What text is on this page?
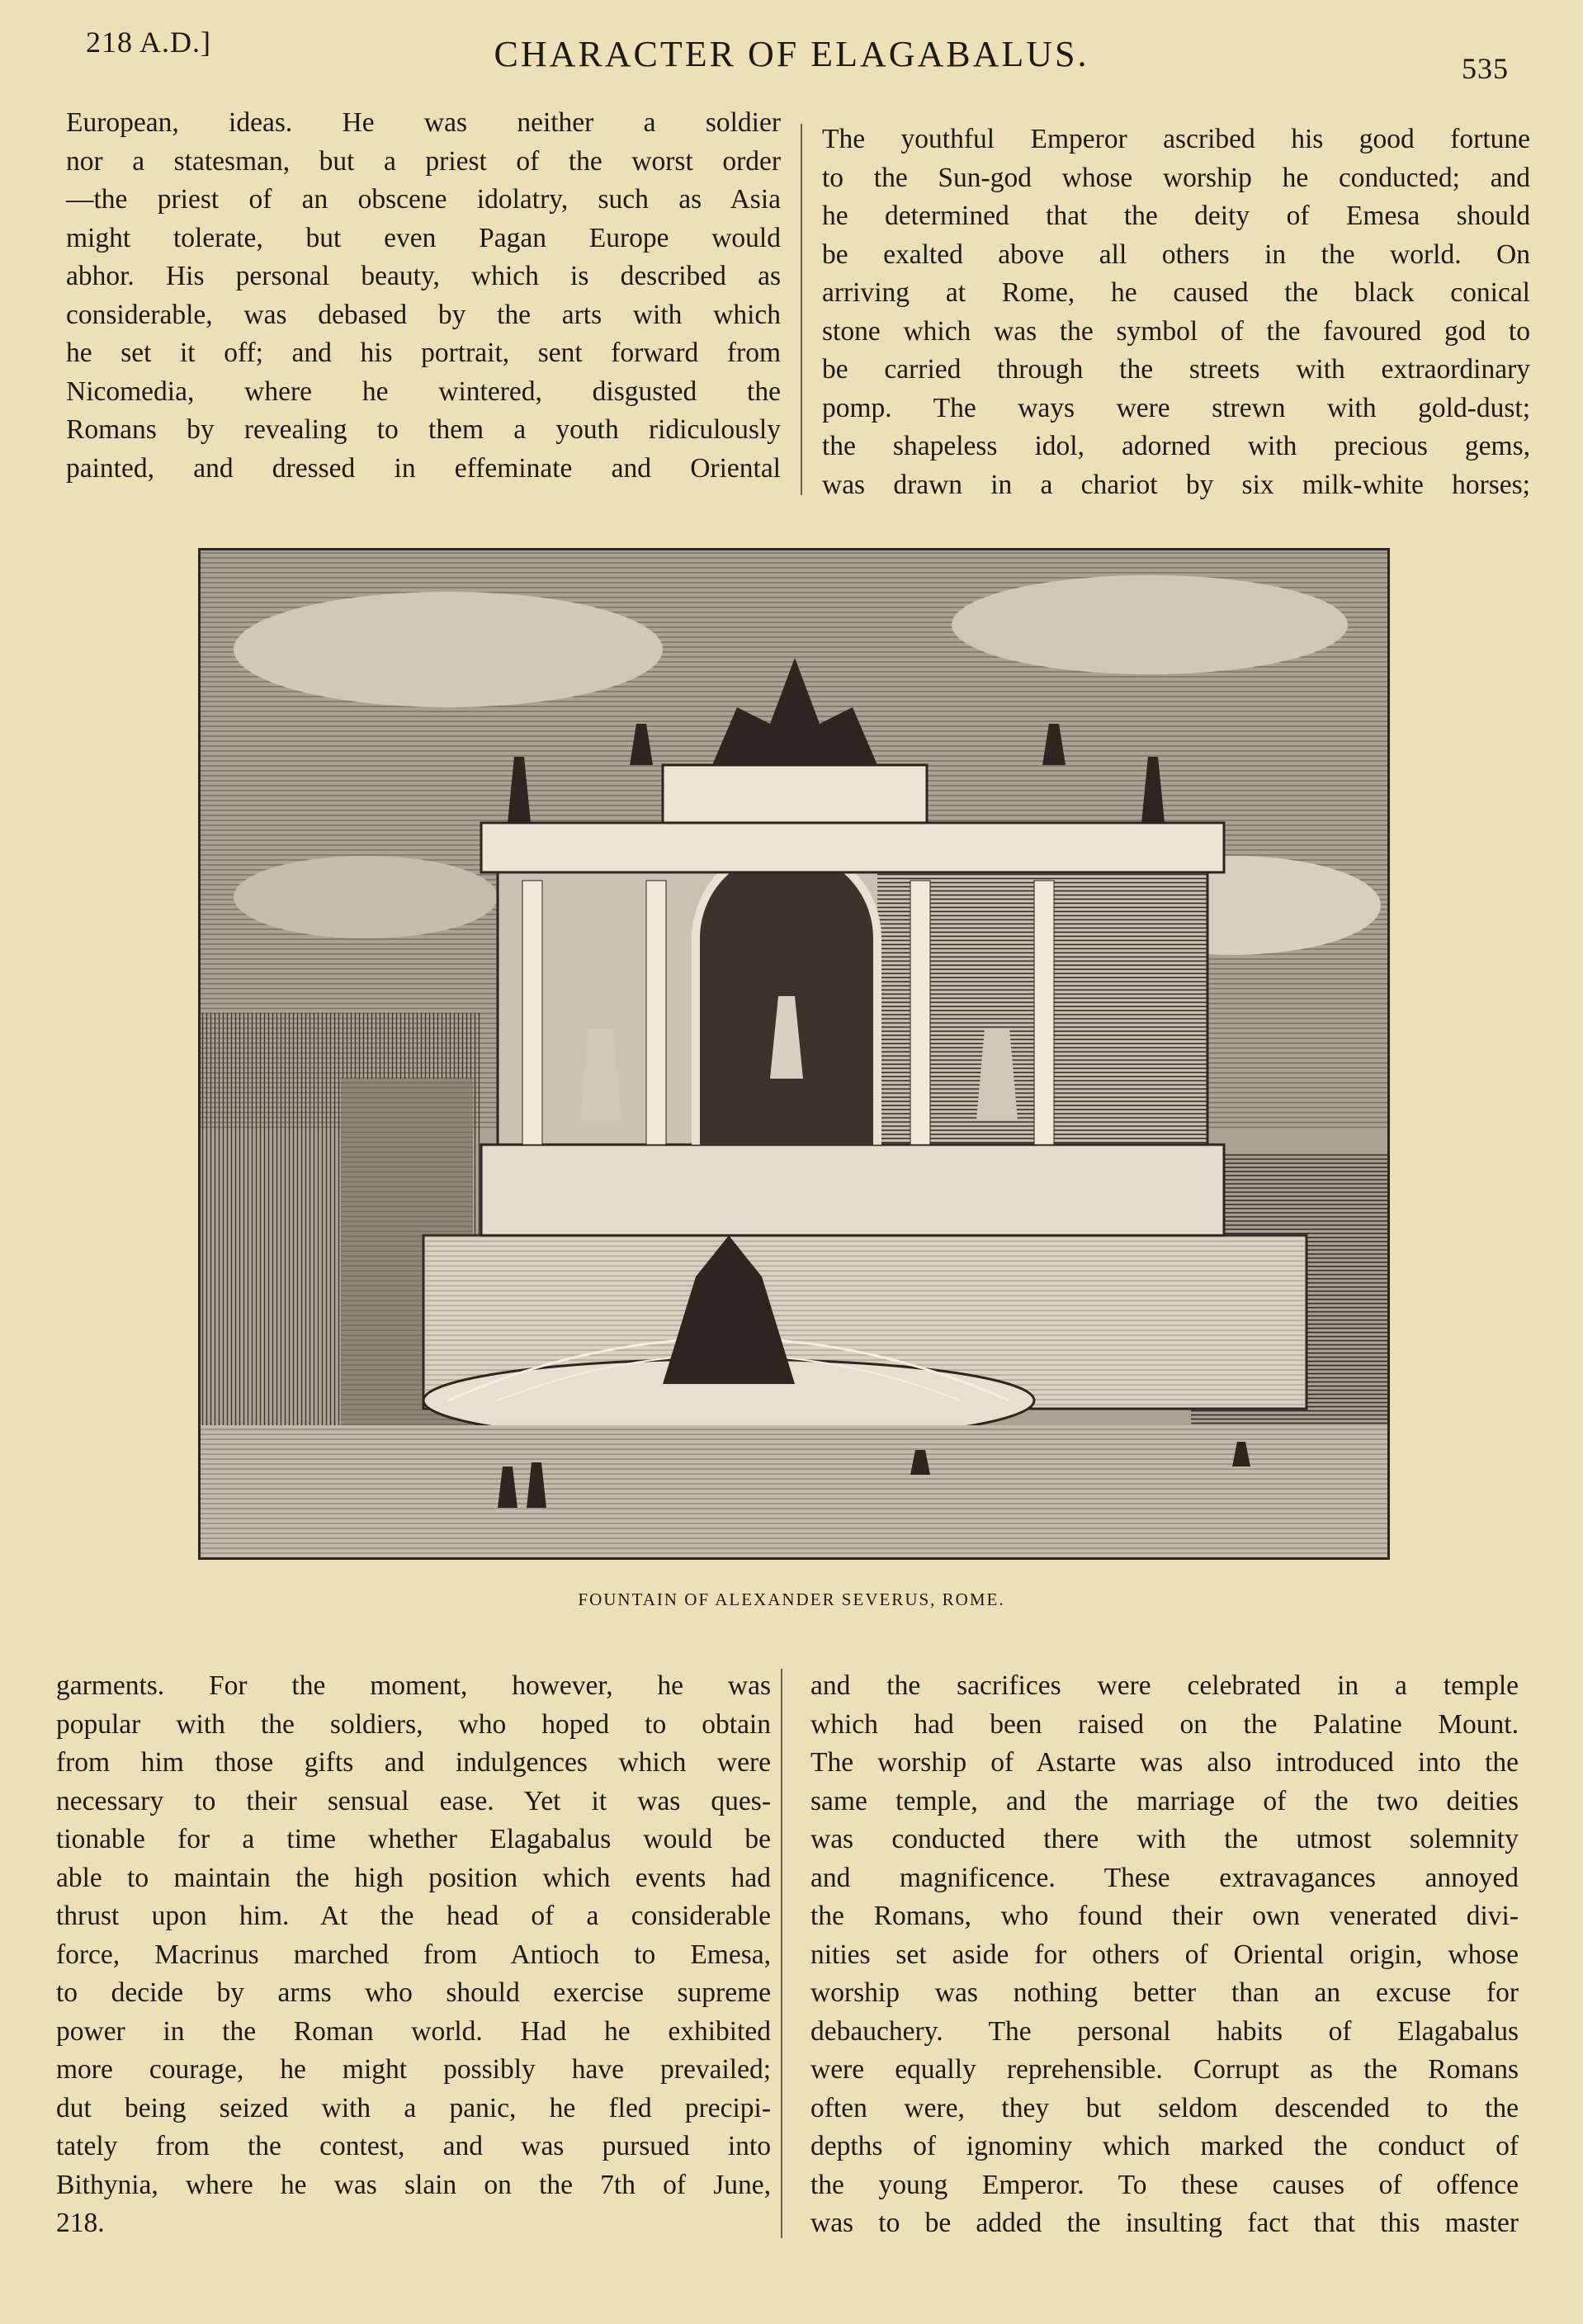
218 A.D.]	CHARACTER OF ELAGABALUS.	535
European, ideas. He was neither a soldier
nor a statesman, but a priest of the worst order
—the priest of an obscene idolatry, such as Asia
might tolerate, but even Pagan Europe would
abhor. His personal beauty, which is described as
considerable, was debased by the arts with which
he set it off; and his portrait, sent forward from
Nicomedia, where he wintered, disgusted the
Romans by revealing to them a youth ridiculously
painted, and dressed in effeminate and Oriental
The youthful Emperor ascribed his good fortune
to the Sun-god whose worship he conducted; and
he determined that the deity of Emesa should
be exalted above all others in the world. On
arriving at Rome, he caused the black conical
stone which was the symbol of the favoured god to
be carried through the streets with extraordinary
pomp. The ways were strewn with gold-dust;
the shapeless idol, adorned with precious gems,
was drawn in a chariot by six milk-white horses;
FOUNTAIN OF ALEXANDER SEVERUS, ROME.
garments. For the moment, however, he was
popular with the soldiers, who hoped to obtain
from him those gifts and indulgences which were
necessary to their sensual ease. Yet it was ques-
tionable for a time whether Elagabalus would be
able to maintain the high position which events had
thrust upon him. At the head of a considerable
force, Macrinus marched from Antioch to Emesa,
to decide by arms who should exercise supreme
power in the Roman world. Had he exhibited
more courage, he might possibly have prevailed;
dut being seized with a panic, he fled precipi-
tately from the contest, and was pursued into
Bithynia, where he was slain on the 7th of June,
218.
and the sacrifices were celebrated in a temple
which had been raised on the Palatine Mount.
The worship of Astarte was also introduced into the
same temple, and the marriage of the two deities
was conducted there with the utmost solemnity
and magnificence. These extravagances annoyed
the Romans, who found their own venerated divi-
nities set aside for others of Oriental origin, whose
worship was nothing better than an excuse for
debauchery. The personal habits of Elagabalus
were equally reprehensible. Corrupt as the Romans
often were, they but seldom descended to the
depths of ignominy which marked the conduct of
the young Emperor. To these causes of offence
was to be added the insulting fact that this master
